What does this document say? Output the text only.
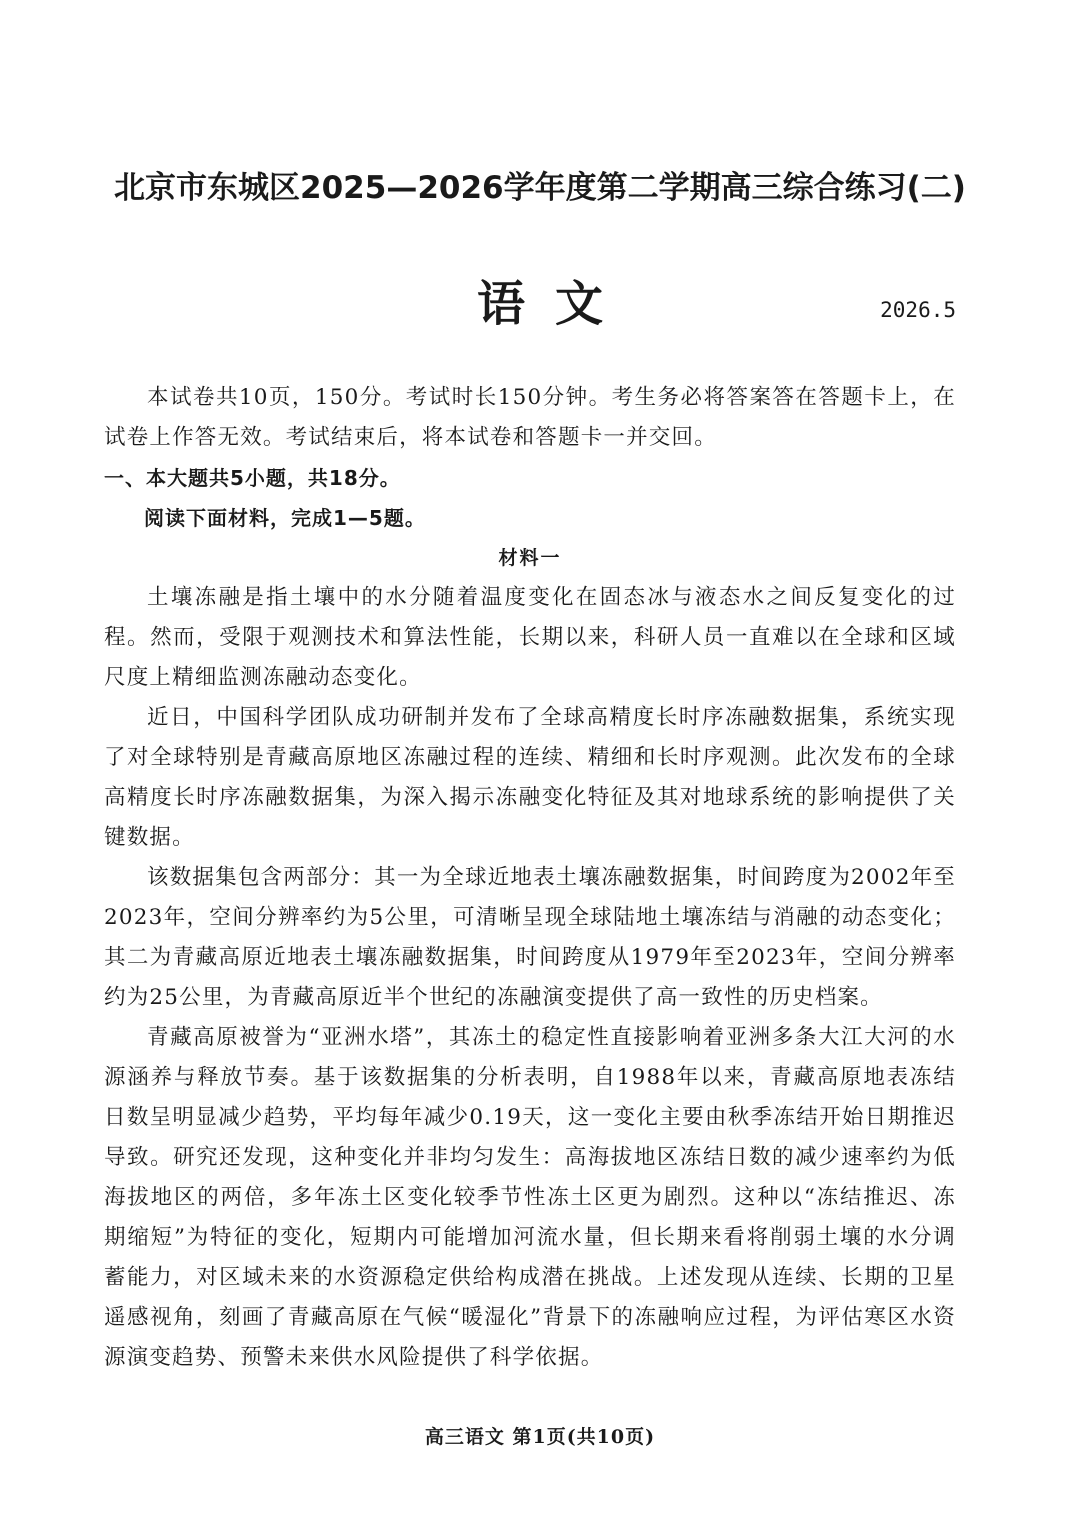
北京市东城区2025—2026学年度第二学期高三综合练习(二)
语文	2026.5

本试卷共10页，150分。考试时长150分钟。考生务必将答案答在答题卡上，在试卷上作答无效。考试结束后，将本试卷和答题卡一并交回。

一、本大题共5小题，共18分。

阅读下面材料，完成1—5题。

材料一

土壤冻融是指土壤中的水分随着温度变化在固态冰与液态水之间反复变化的过程。然而，受限于观测技术和算法性能，长期以来，科研人员一直难以在全球和区域尺度上精细监测冻融动态变化。

近日，中国科学团队成功研制并发布了全球高精度长时序冻融数据集，系统实现了对全球特别是青藏高原地区冻融过程的连续、精细和长时序观测。此次发布的全球高精度长时序冻融数据集，为深入揭示冻融变化特征及其对地球系统的影响提供了关键数据。

该数据集包含两部分：其一为全球近地表土壤冻融数据集，时间跨度为2002年至2023年，空间分辨率约为5公里，可清晰呈现全球陆地土壤冻结与消融的动态变化；其二为青藏高原近地表土壤冻融数据集，时间跨度从1979年至2023年，空间分辨率约为25公里，为青藏高原近半个世纪的冻融演变提供了高一致性的历史档案。

青藏高原被誉为“亚洲水塔”，其冻土的稳定性直接影响着亚洲多条大江大河的水源涵养与释放节奏。基于该数据集的分析表明，自1988年以来，青藏高原地表冻结日数呈明显减少趋势，平均每年减少0.19天，这一变化主要由秋季冻结开始日期推迟导致。研究还发现，这种变化并非均匀发生：高海拔地区冻结日数的减少速率约为低海拔地区的两倍，多年冻土区变化较季节性冻土区更为剧烈。这种以“冻结推迟、冻期缩短”为特征的变化，短期内可能增加河流水量，但长期来看将削弱土壤的水分调蓄能力，对区域未来的水资源稳定供给构成潜在挑战。上述发现从连续、长期的卫星遥感视角，刻画了青藏高原在气候“暖湿化”背景下的冻融响应过程，为评估寒区水资源演变趋势、预警未来供水风险提供了科学依据。

高三语文 第1页(共10页)
